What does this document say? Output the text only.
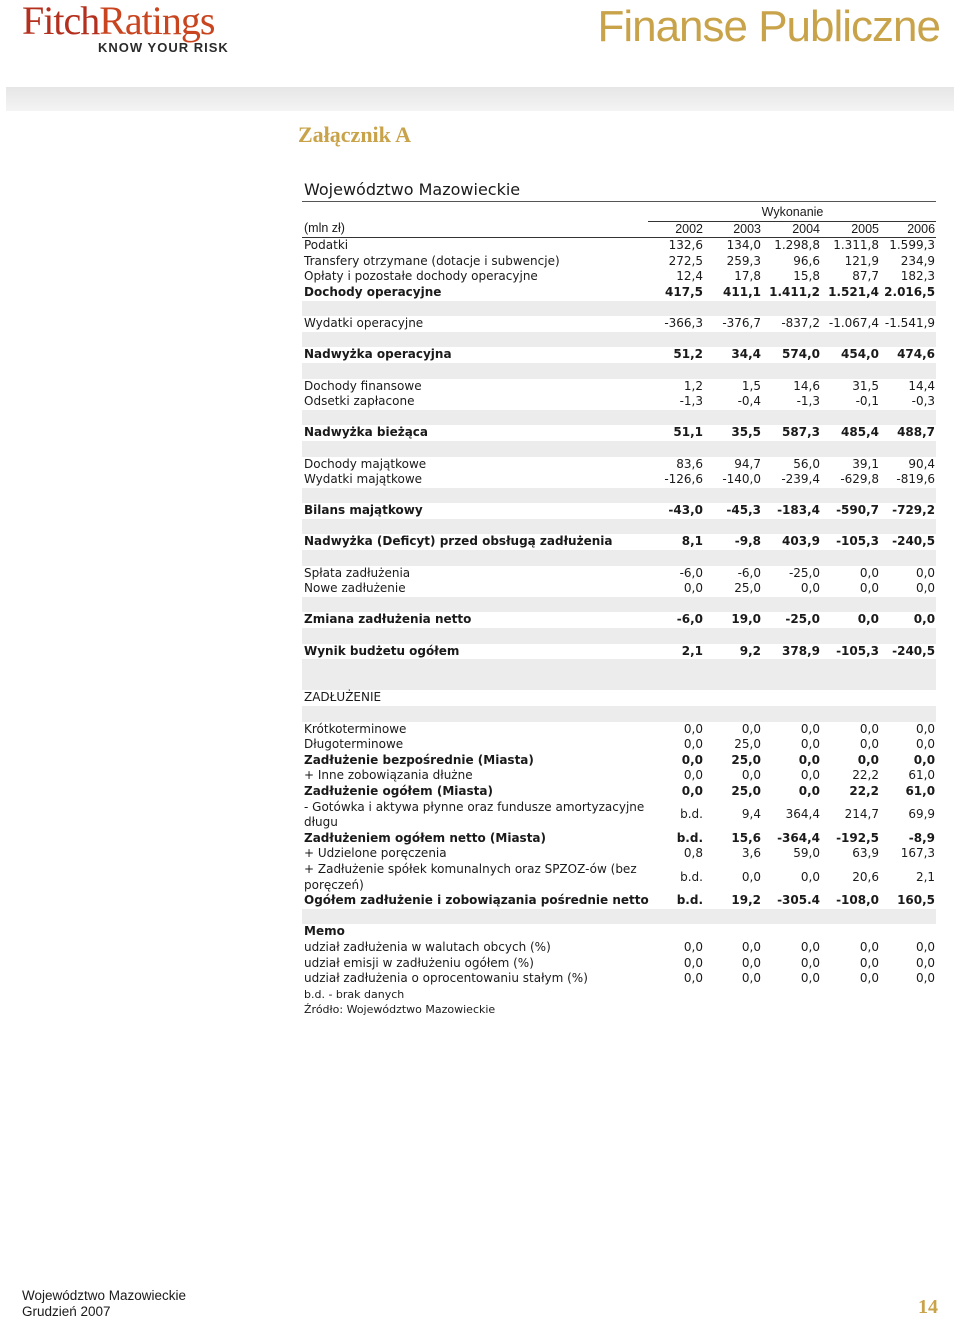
FitchRatings
KNOW YOUR RISK	Finanse Publiczne
Załącznik A
Województwo Mazowieckie
	Wykonanie				
(mln zł)	2002	2003	2004	2005	2006
Podatki	132,6	134,0	1.298,8	1.311,8	1.599,3
Transfery otrzymane (dotacje i subwencje)	272,5	259,3	96,6	121,9	234,9
Opłaty i pozostałe dochody operacyjne	12,4	17,8	15,8	87,7	182,3
Dochody operacyjne	417,5	411,1	1.411,2	1.521,4	2.016,5

Wydatki operacyjne	-366,3	-376,7	-837,2	-1.067,4	-1.541,9

Nadwyżka operacyjna	51,2	34,4	574,0	454,0	474,6

Dochody finansowe	1,2	1,5	14,6	31,5	14,4
Odsetki zapłacone	-1,3	-0,4	-1,3	-0,1	-0,3

Nadwyżka bieżąca	51,1	35,5	587,3	485,4	488,7

Dochody majątkowe	83,6	94,7	56,0	39,1	90,4
Wydatki majątkowe	-126,6	-140,0	-239,4	-629,8	-819,6

Bilans majątkowy	-43,0	-45,3	-183,4	-590,7	-729,2

Nadwyżka (Deficyt) przed obsługą zadłużenia	8,1	-9,8	403,9	-105,3	-240,5

Spłata zadłużenia	-6,0	-6,0	-25,0	0,0	0,0
Nowe zadłużenie	0,0	25,0	0,0	0,0	0,0

Zmiana zadłużenia netto	-6,0	19,0	-25,0	0,0	0,0

Wynik budżetu ogółem	2,1	9,2	378,9	-105,3	-240,5

ZADŁUŻENIE					

Krótkoterminowe	0,0	0,0	0,0	0,0	0,0
Długoterminowe	0,0	25,0	0,0	0,0	0,0
Zadłużenie bezpośrednie (Miasta)	0,0	25,0	0,0	0,0	0,0
+ Inne zobowiązania dłużne	0,0	0,0	0,0	22,2	61,0
Zadłużenie ogółem (Miasta)	0,0	25,0	0,0	22,2	61,0
- Gotówka i aktywa płynne oraz fundusze amortyzacyjne długu	b.d.	9,4	364,4	214,7	69,9
Zadłużeniem ogółem netto (Miasta)	b.d.	15,6	-364,4	-192,5	-8,9
+ Udzielone poręczenia	0,8	3,6	59,0	63,9	167,3
+ Zadłużenie spółek komunalnych oraz SPZOZ-ów (bez poręczeń)	b.d.	0,0	0,0	20,6	2,1
Ogółem zadłużenie i zobowiązania pośrednie netto	b.d.	19,2	-305.4	-108,0	160,5

Memo					
udział zadłużenia w walutach obcych (%)	0,0	0,0	0,0	0,0	0,0
udział emisji w zadłużeniu ogółem (%)	0,0	0,0	0,0	0,0	0,0
udział zadłużenia o oprocentowaniu stałym (%)	0,0	0,0	0,0	0,0	0,0
b.d. - brak danych					
Źródło: Województwo Mazowieckie					
Województwo Mazowieckie
Grudzień 2007	14
